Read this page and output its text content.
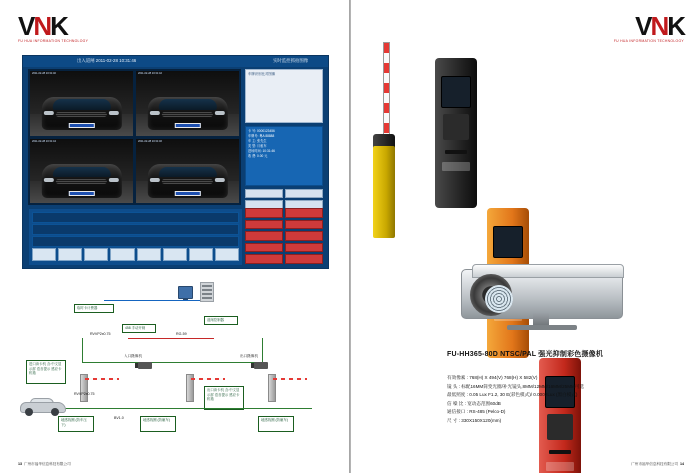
VNK
FU HUA INFORMATION TECHNOLOGY
出入道闸 2011-02-28 10:31:46	实时监控抓拍图像
2011-02-28 10:31:40	2011-02-28 10:31:42
2011-02-28 10:31:44	2011-02-28 10:31:46
车牌识别比对图像
卡 号: 0000123456
车牌号: 粤A 88888
车 主: 张先生
类 型: 月租车
进场时间: 10:31:46
收 费: 0.00 元
临时卡计费器
458 手动开闸
道闸控制器
RVVP2x0.75	RG-59
入口摄像机	出口摄像机
进口读卡机 含:中文显示屏 语音提示 感应卡机箱
出口读卡机 含:中文显示屏 语音提示 感应卡机箱
RVVP2x0.75
BV1.0
地感线圈 (防车压下)
地感线圈 (防砸车)	地感线圈 (防砸车)
13 广州市福华信息科技有限公司
VNK
FU HUA INFORMATION TECHNOLOGY
FU-HH365-80D NTSC/PAL 强光抑制彩色摄像机
有效像素 : 768(H) X 494(V) 768(H) X 582(V)
镜 头 : 标配16MM简变光圈/补光镜头,8MM/12MM/16MM/25MM可选
最低照度 : 0.05 Lux F1.2, 30 E(彩色模式)/ 0.0002Lux (黑白模式)
信 噪 比 : 宽动态范围60dB
通信接口 : RS-485 (Pelco-D)
尺 寸 : 330X150X120(mm)
广州市福华信息科技有限公司 14
